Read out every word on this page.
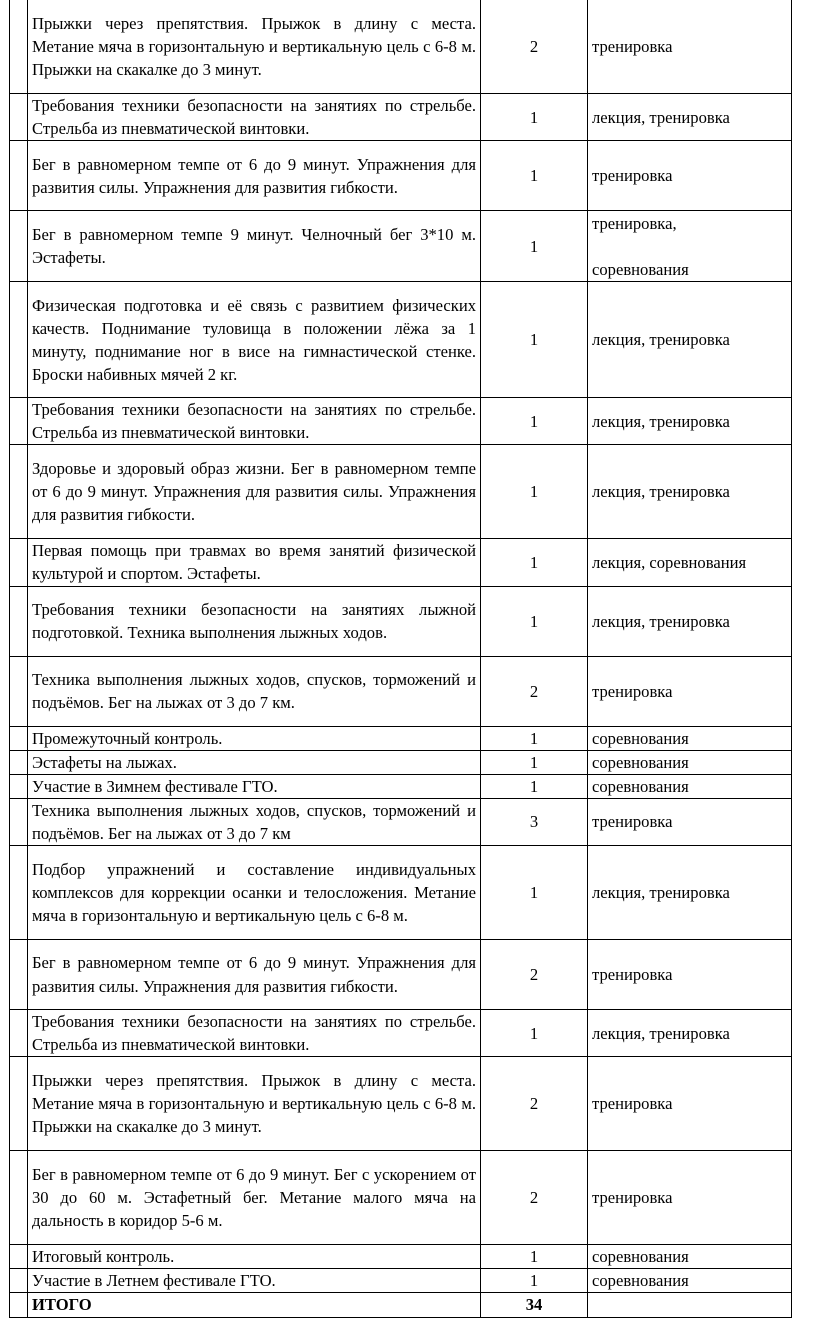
	Прыжки через препятствия. Прыжок в длину с места. Метание мяча в горизонтальную и вертикальную цель с 6-8 м. Прыжки на скакалке до 3 минут.	2	тренировка
	Требования техники безопасности на занятиях по стрельбе. Стрельба из пневматической винтовки.	1	лекция, тренировка
	Бег в равномерном темпе от 6 до 9 минут. Упражнения для развития силы. Упражнения для развития гибкости.	1	тренировка
	Бег в равномерном темпе 9 минут. Челночный бег 3*10 м. Эстафеты.	1	тренировка,
соревнования

	Физическая подготовка и её связь с развитием физических качеств. Поднимание туловища в положении лёжа за 1 минуту, поднимание ног в висе на гимнастической стенке. Броски набивных мячей 2 кг.	1	лекция, тренировка
	Требования техники безопасности на занятиях по стрельбе. Стрельба из пневматической винтовки.	1	лекция, тренировка
	Здоровье и здоровый образ жизни. Бег в равномерном темпе от 6 до 9 минут. Упражнения для развития силы. Упражнения для развития гибкости.	1	лекция, тренировка
	Первая помощь при травмах во время занятий физической культурой и спортом. Эстафеты.	1	лекция, соревнования
	Требования техники безопасности на занятиях лыжной подготовкой. Техника выполнения лыжных ходов.	1	лекция, тренировка
	Техника выполнения лыжных ходов, спусков, торможений и подъёмов. Бег на лыжах от 3 до 7 км.	2	тренировка
	Промежуточный контроль.	1	соревнования
	Эстафеты на лыжах.	1	соревнования
	Участие в Зимнем фестивале ГТО.	1	соревнования
	Техника выполнения лыжных ходов, спусков, торможений и подъёмов. Бег на лыжах от 3 до 7 км	3	тренировка
	Подбор упражнений и составление индивидуальных комплексов для коррекции осанки и телосложения. Метание мяча в горизонтальную и вертикальную цель с 6-8 м.	1	лекция, тренировка
	Бег в равномерном темпе от 6 до 9 минут. Упражнения для развития силы. Упражнения для развития гибкости.	2	тренировка
	Требования техники безопасности на занятиях по стрельбе. Стрельба из пневматической винтовки.	1	лекция, тренировка
	Прыжки через препятствия. Прыжок в длину с места. Метание мяча в горизонтальную и вертикальную цель с 6-8 м. Прыжки на скакалке до 3 минут.	2	тренировка
	Бег в равномерном темпе от 6 до 9 минут. Бег с ускорением от 30 до 60 м. Эстафетный бег. Метание малого мяча на дальность в коридор 5-6 м.	2	тренировка
	Итоговый контроль.	1	соревнования
	Участие в Летнем фестивале ГТО.	1	соревнования
	ИТОГО	34	
